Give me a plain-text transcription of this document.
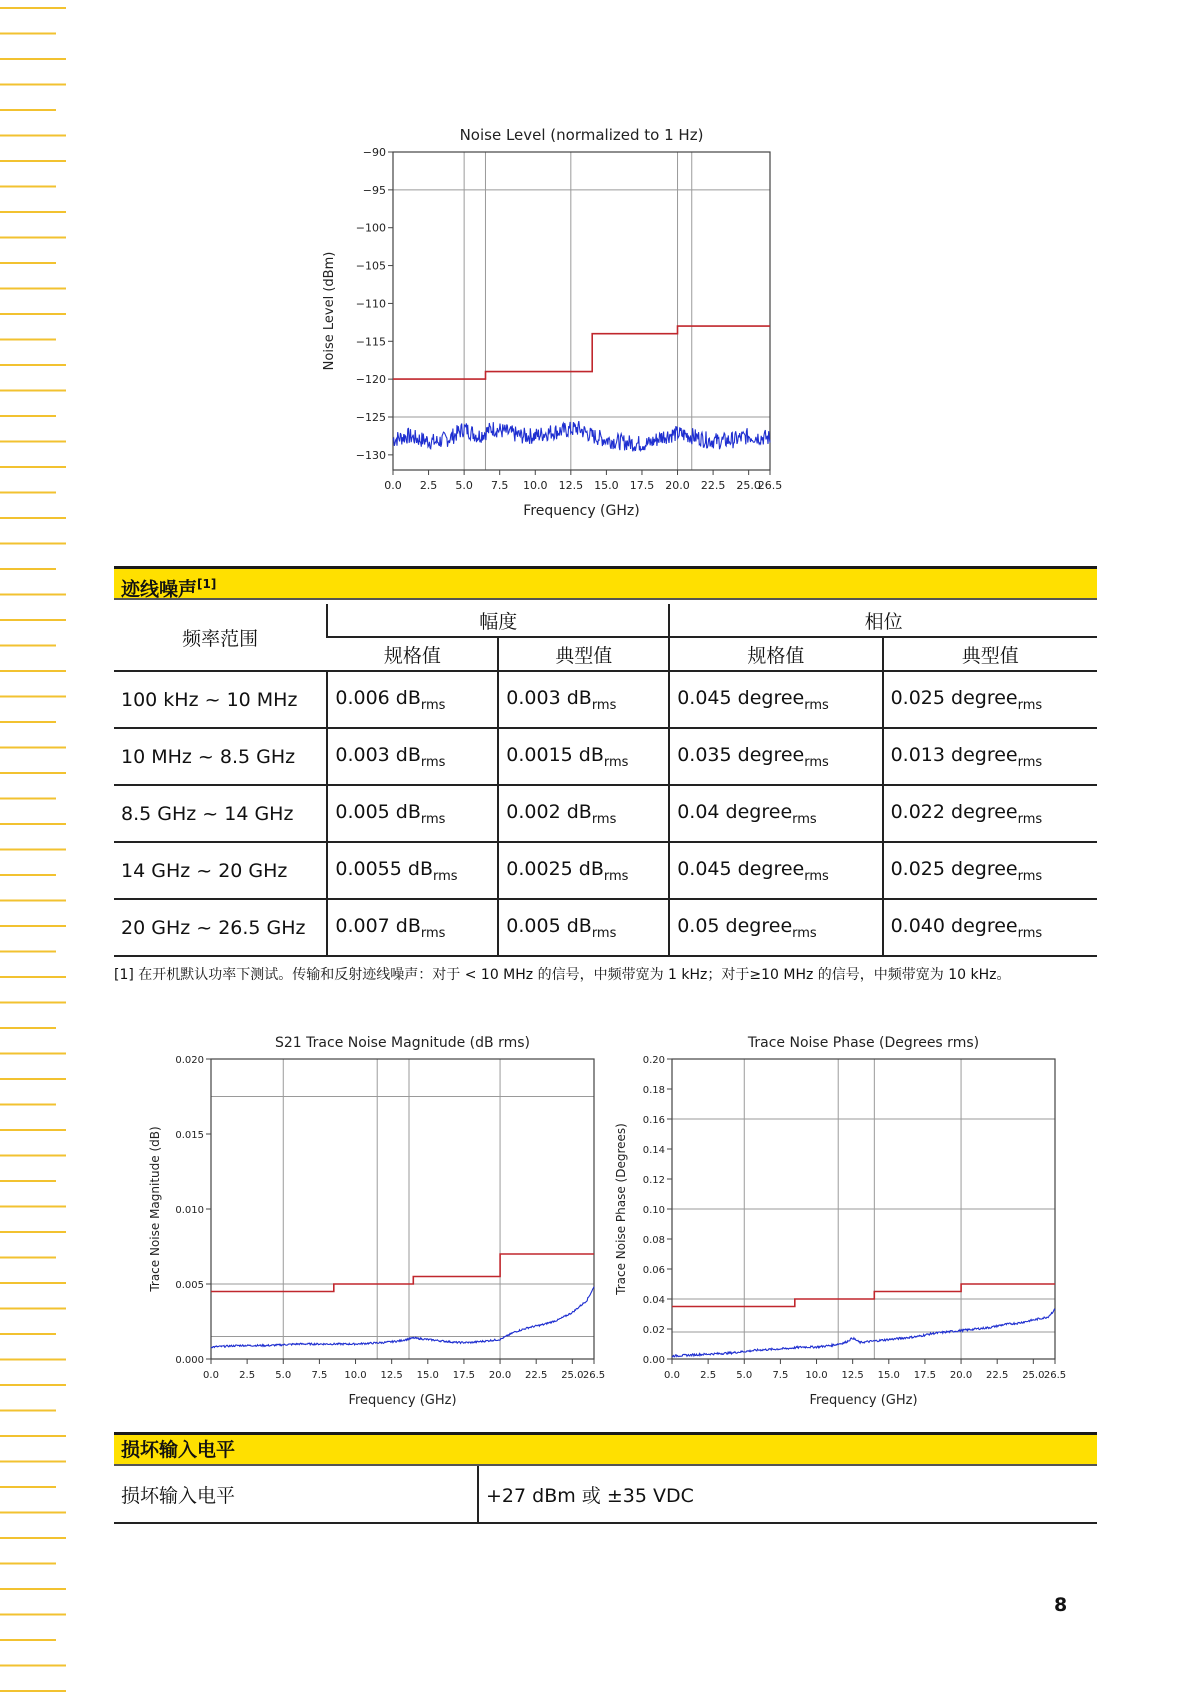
Noise Level (normalized to 1 Hz)
−90
−95
−100
−105
−110
−115
−120
−125
−130
0.0 2.5 5.0 7.5 10.0 12.5 15.0 17.5 20.0 22.5 25.0
26.5
Frequency (GHz)
Noise Level (dBm)
迹线噪声[1]
频率范围	幅度		相位	
	规格值	典型值	规格值	典型值
100 kHz ~ 10 MHz	0.006 $dB_{rms}$	0.003 $dB_{rms}$	0.045 degree$_{rms}$	0.025 degree$_{rms}$
10 MHz ~ 8.5 GHz	0.003 $dB_{rms}$	0.0015 $dB_{rms}$	0.035 degree$_{rms}$	0.013 degree$_{rms}$
8.5 GHz ~ 14 GHz	0.005 $dB_{rms}$	0.002 $dB_{rms}$	0.04 degree$_{rms}$	0.022 degree$_{rms}$
14 GHz ~ 20 GHz	0.0055 $dB_{rms}$	0.0025 $dB_{rms}$	0.045 degree$_{rms}$	0.025 degree$_{rms}$
20 GHz ~ 26.5 GHz	0.007 $dB_{rms}$	0.005 $dB_{rms}$	0.05 degree$_{rms}$	0.040 degree$_{rms}$
[1] 在开机默认功率下测试。传输和反射迹线噪声：对于 < 10 MHz 的信号，中频带宽为 1 kHz；对于≥10 MHz 的信号，中频带宽为 10 kHz。
S21 Trace Noise Magnitude (dB rms)
0.000
0.005
0.010
0.015
0.020
0.0 2.5 5.0 7.5 10.0 12.5 15.0 17.5 20.0 22.5 25.0 26.5
Frequency (GHz)
Trace Noise Magnitude (dB)
Trace Noise Phase (Degrees rms)
0.00
0.02
0.04
0.06
0.08
0.10
0.12
0.14
0.16
0.18
0.20
0.0 2.5 5.0 7.5 10.0 12.5 15.0 17.5 20.0 22.5 25.0 26.5
Frequency (GHz)
Trace Noise Phase (Degrees)
损坏输入电平
损坏输入电平	+27 dBm 或 ±35 VDC
8
